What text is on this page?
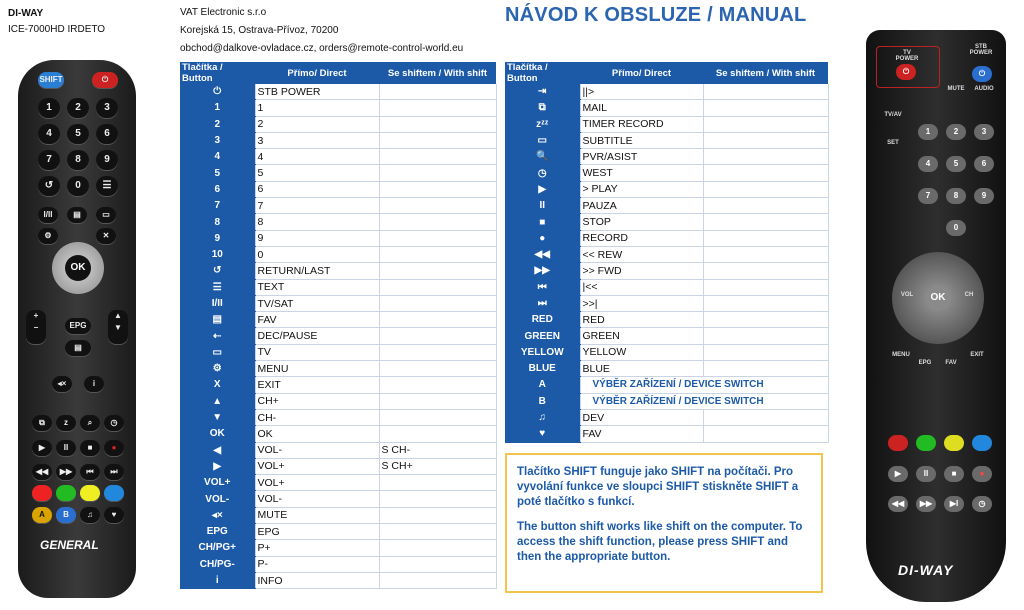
DI-WAY
ICE-7000HD IRDETO
VAT Electronic s.r.o
Korejská 15, Ostrava-Přívoz, 70200
obchod@dalkove-ovladace.cz, orders@remote-control-world.eu
NÁVOD K OBSLUZE / MANUAL
SHIFT	⏻
1	2	3
4	5	6
7	8	9
↺	0	☰
I/II	▤	▭
⚙	✕
OK
+
−
▲
▼
EPG
▤
◂×	i
⧉	z	⌕	◷
▶	II	■	●
◀◀	▶▶	⏮	⏭
A	B	♫	♥
GENERAL
Tlačítka / Button	Přímo/ Direct	Se shiftem / With shift
⏻	STB POWER	
1	1	
2	2	
3	3	
4	4	
5	5	
6	6	
7	7	
8	8	
9	9	
10	0	
↺	RETURN/LAST	
☰	TEXT	
I/II	TV/SAT	
▤	FAV	
⇠	DEC/PAUSE	
▭	TV	
⚙	MENU	
X	EXIT	
▲	CH+	
▼	CH-	
OK	OK	
◀	VOL-	S CH-
▶	VOL+	S CH+
VOL+	VOL+	
VOL-	VOL-	
◂×	MUTE	
EPG	EPG	
CH/PG+	P+	
CH/PG-	P-	
i	INFO	
Tlačítka / Button	Přímo/ Direct	Se shiftem / With shift
⇥	||>	
⧉	MAIL	
zᶻᶻ	TIMER RECORD	
▭	SUBTITLE	
🔍	PVR/ASIST	
◷	WEST	
▶	> PLAY	
II	PAUZA	
■	STOP	
●	RECORD	
◀◀	<< REW	
▶▶	>> FWD	
⏮	|<<	
⏭	>>|	
RED	RED	
GREEN	GREEN	
YELLOW	YELLOW	
BLUE	BLUE	
A	VÝBĚR ZAŘÍZENÍ / DEVICE SWITCH	
B	VÝBĚR ZAŘÍZENÍ / DEVICE SWITCH	
♫	DEV	
♥	FAV	

Tlačítko SHIFT funguje jako SHIFT na počítači. Pro vyvolání funkce ve sloupci SHIFT stiskněte SHIFT a poté tlačítko s funkcí.

The button shift works like shift on the computer. To access the shift function, please press SHIFT and then the appropriate button.

TV POWER
⏻
STB POWER
⏻
MUTE	AUDIO
TV/AV
1	2	3
SET
4	5	6
7	8	9
0
OK
VOL	CH
MENU
EPG	FAV
EXIT
▶	II	■	●
◀◀	▶▶	▶I	◷
DI-WAY
